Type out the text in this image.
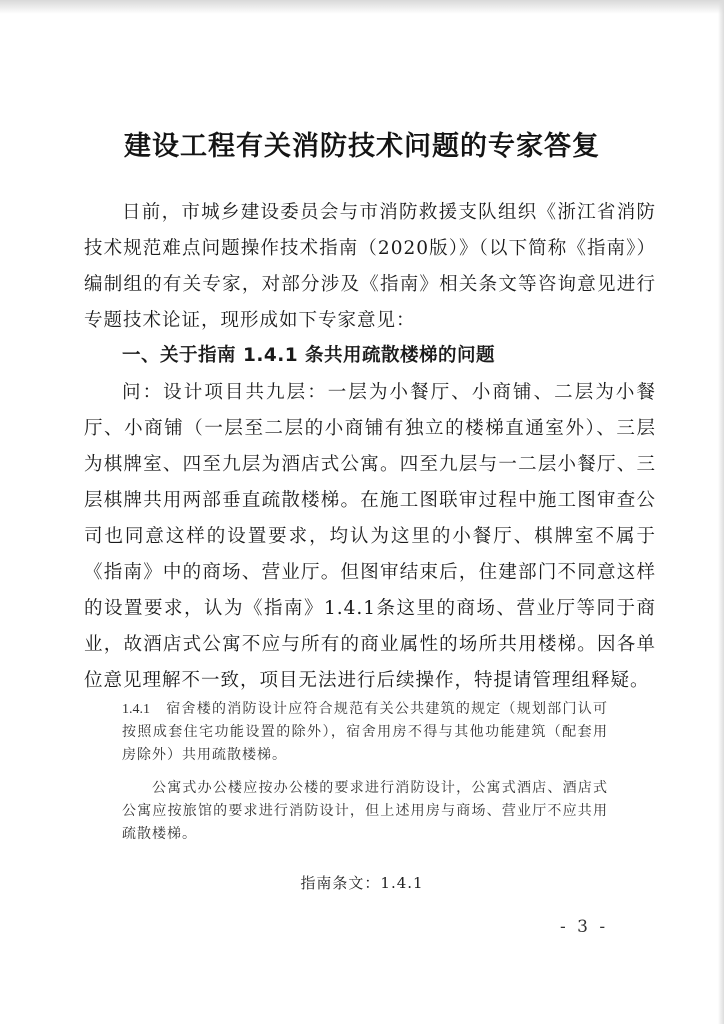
建设工程有关消防技术问题的专家答复

日前，市城乡建设委员会与市消防救援支队组织《浙江省消防技术规范难点问题操作技术指南（2020版）》（以下简称《指南》）编制组的有关专家，对部分涉及《指南》相关条文等咨询意见进行专题技术论证，现形成如下专家意见：

一、关于指南 1.4.1 条共用疏散楼梯的问题

问：设计项目共九层：一层为小餐厅、小商铺、二层为小餐厅、小商铺（一层至二层的小商铺有独立的楼梯直通室外）、三层为棋牌室、四至九层为酒店式公寓。四至九层与一二层小餐厅、三层棋牌共用两部垂直疏散楼梯。在施工图联审过程中施工图审查公司也同意这样的设置要求，均认为这里的小餐厅、棋牌室不属于《指南》中的商场、营业厅。但图审结束后，住建部门不同意这样的设置要求，认为《指南》1.4.1条这里的商场、营业厅等同于商业，故酒店式公寓不应与所有的商业属性的场所共用楼梯。因各单位意见理解不一致，项目无法进行后续操作，特提请管理组释疑。

1.4.1 宿舍楼的消防设计应符合规范有关公共建筑的规定（规划部门认可按照成套住宅功能设置的除外），宿舍用房不得与其他功能建筑（配套用房除外）共用疏散楼梯。

公寓式办公楼应按办公楼的要求进行消防设计，公寓式酒店、酒店式公寓应按旅馆的要求进行消防设计，但上述用房与商场、营业厅不应共用疏散楼梯。

指南条文：1.4.1
- 3 -
